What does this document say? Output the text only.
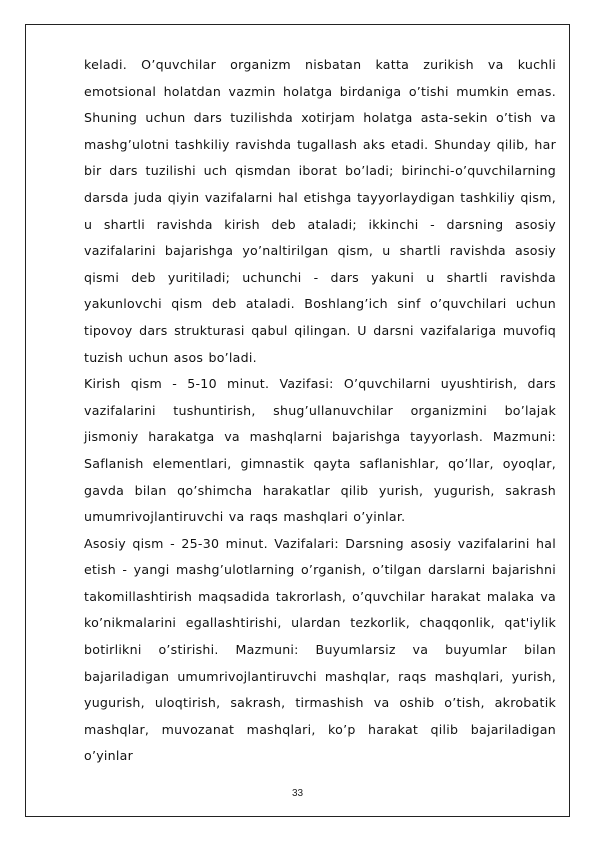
keladi. O’quvchilar organizm nisbatan katta zurikish va kuchli emotsional holatdan vazmin holatga birdaniga o’tishi mumkin emas. Shuning uchun dars tuzilishda xotirjam holatga asta-sekin o’tish va mashg’ulotni tashkiliy ravishda tugallash aks etadi. Shunday qilib, har bir dars tuzilishi uch qismdan iborat bo’ladi; birinchi-o’quvchilarning darsda juda qiyin vazifalarni hal etishga tayyorlaydigan tashkiliy qism, u shartli ravishda kirish deb ataladi; ikkinchi - darsning asosiy vazifalarini bajarishga yo’naltirilgan qism, u shartli ravishda asosiy qismi deb yuritiladi; uchunchi - dars yakuni u shartli ravishda yakunlovchi qism deb ataladi. Boshlang’ich sinf o’quvchilari uchun tipovoy dars strukturasi qabul qilingan. U darsni vazifalariga muvofiq tuzish uchun asos bo’ladi.

Kirish qism - 5-10 minut. Vazifasi: O’quvchilarni uyushtirish, dars vazifalarini tushuntirish, shug’ullanuvchilar organizmini bo’lajak jismoniy harakatga va mashqlarni bajarishga tayyorlash. Mazmuni: Saflanish elementlari, gimnastik qayta saflanishlar, qo’llar, oyoqlar, gavda bilan qo’shimcha harakatlar qilib yurish, yugurish, sakrash umumrivojlantiruvchi va raqs mashqlari o’yinlar.

Asosiy qism - 25-30 minut. Vazifalari: Darsning asosiy vazifalarini hal etish - yangi mashg’ulotlarning o’rganish, o’tilgan darslarni bajarishni takomillashtirish maqsadida takrorlash, o’quvchilar harakat malaka va ko’nikmalarini egallashtirishi, ulardan tezkorlik, chaqqonlik, qat'iylik botirlikni o’stirishi. Mazmuni: Buyumlarsiz va buyumlar bilan bajariladigan umumrivojlantiruvchi mashqlar, raqs mashqlari, yurish, yugurish, uloqtirish, sakrash, tirmashish va oshib o’tish, akrobatik mashqlar, muvozanat mashqlari, ko’p harakat qilib bajariladigan o’yinlar

33
